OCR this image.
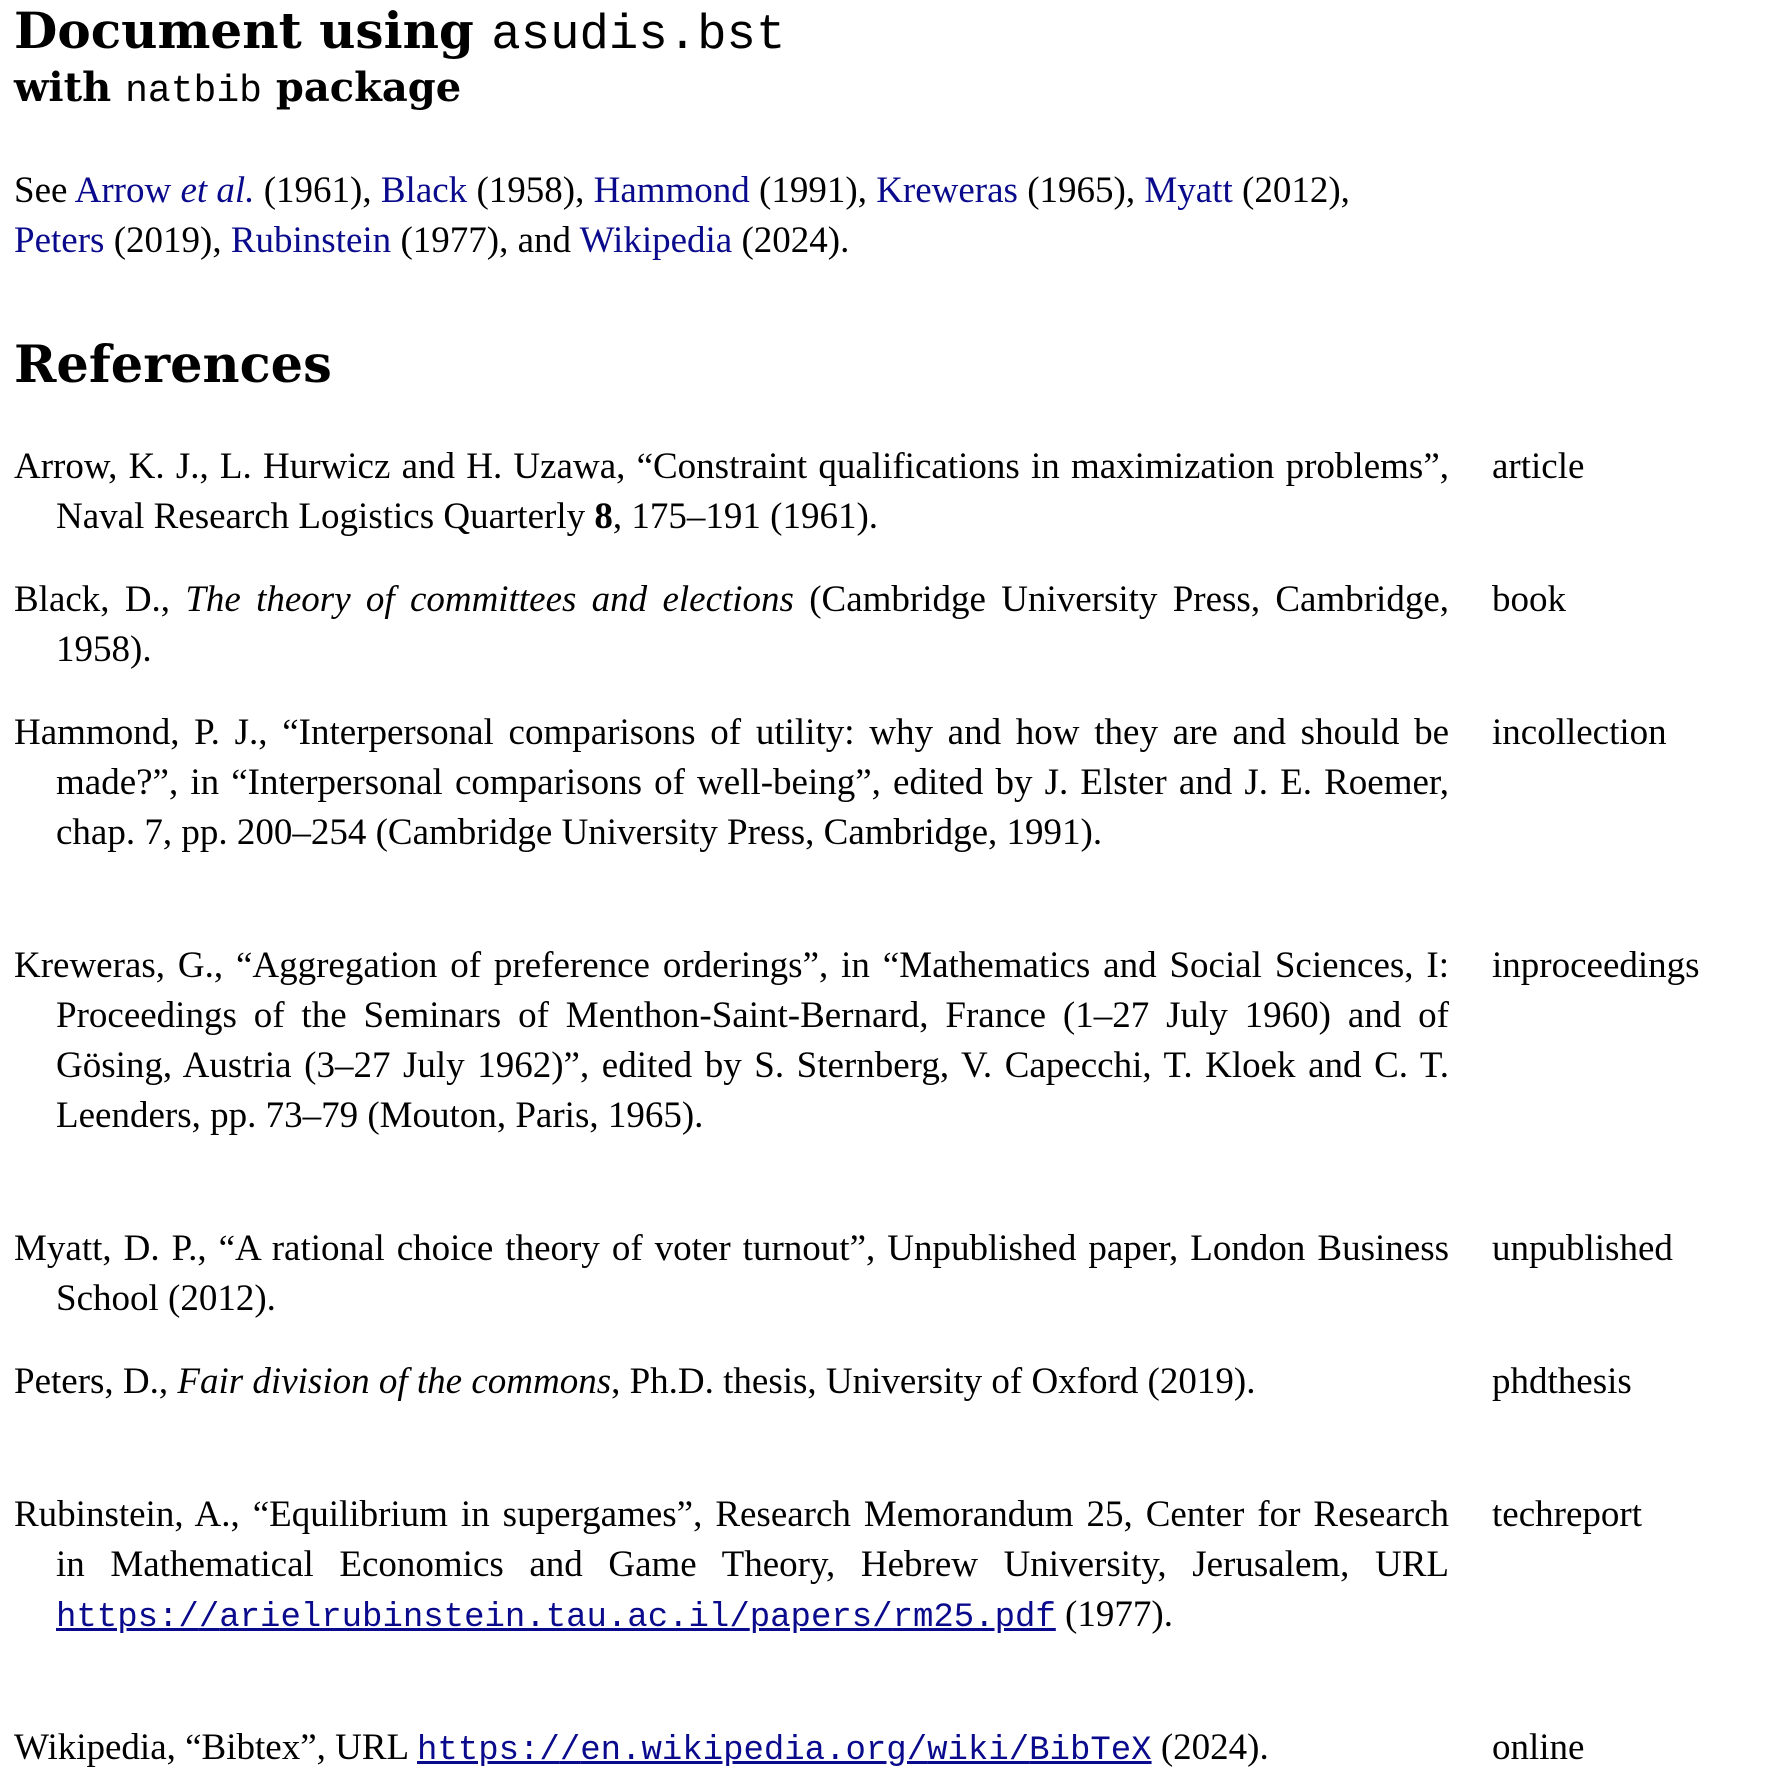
Document using asudis.bst
with natbib package

See Arrow et al. (1961), Black (1958), Hammond (1991), Kreweras (1965), Myatt (2012), Peters (2019), Rubinstein (1977), and Wikipedia (2024).

References
Arrow, K. J., L. Hurwicz and H. Uzawa, “Constraint qualifications in maximization problems”, Naval Research Logistics Quarterly 8, 175–191 (1961).
article
Black, D., The theory of committees and elections (Cambridge University Press, Cambridge, 1958).
book
Hammond, P. J., “Interpersonal comparisons of utility: why and how they are and should be made?”, in “Interpersonal comparisons of well-being”, edited by J. Elster and J. E. Roemer, chap. 7, pp. 200–254 (Cambridge University Press, Cambridge, 1991).
incollection
Kreweras, G., “Aggregation of preference orderings”, in “Mathematics and Social Sciences, I: Proceedings of the Seminars of Menthon-Saint-Bernard, France (1–27 July 1960) and of Gösing, Austria (3–27 July 1962)”, edited by S. Sternberg, V. Capecchi, T. Kloek and C. T. Leenders, pp. 73–79 (Mouton, Paris, 1965).
inproceedings
Myatt, D. P., “A rational choice theory of voter turnout”, Unpublished paper, London Business School (2012).
unpublished
Peters, D., Fair division of the commons, Ph.D. thesis, University of Oxford (2019).	phdthesis
Rubinstein, A., “Equilibrium in supergames”, Research Memorandum 25, Center for Research in Mathematical Economics and Game Theory, Hebrew University, Jerusalem, URL https://arielrubinstein.tau.ac.il/papers/rm25.pdf (1977).
techreport
Wikipedia, “Bibtex”, URL https://en.wikipedia.org/wiki/BibTeX (2024).	online
